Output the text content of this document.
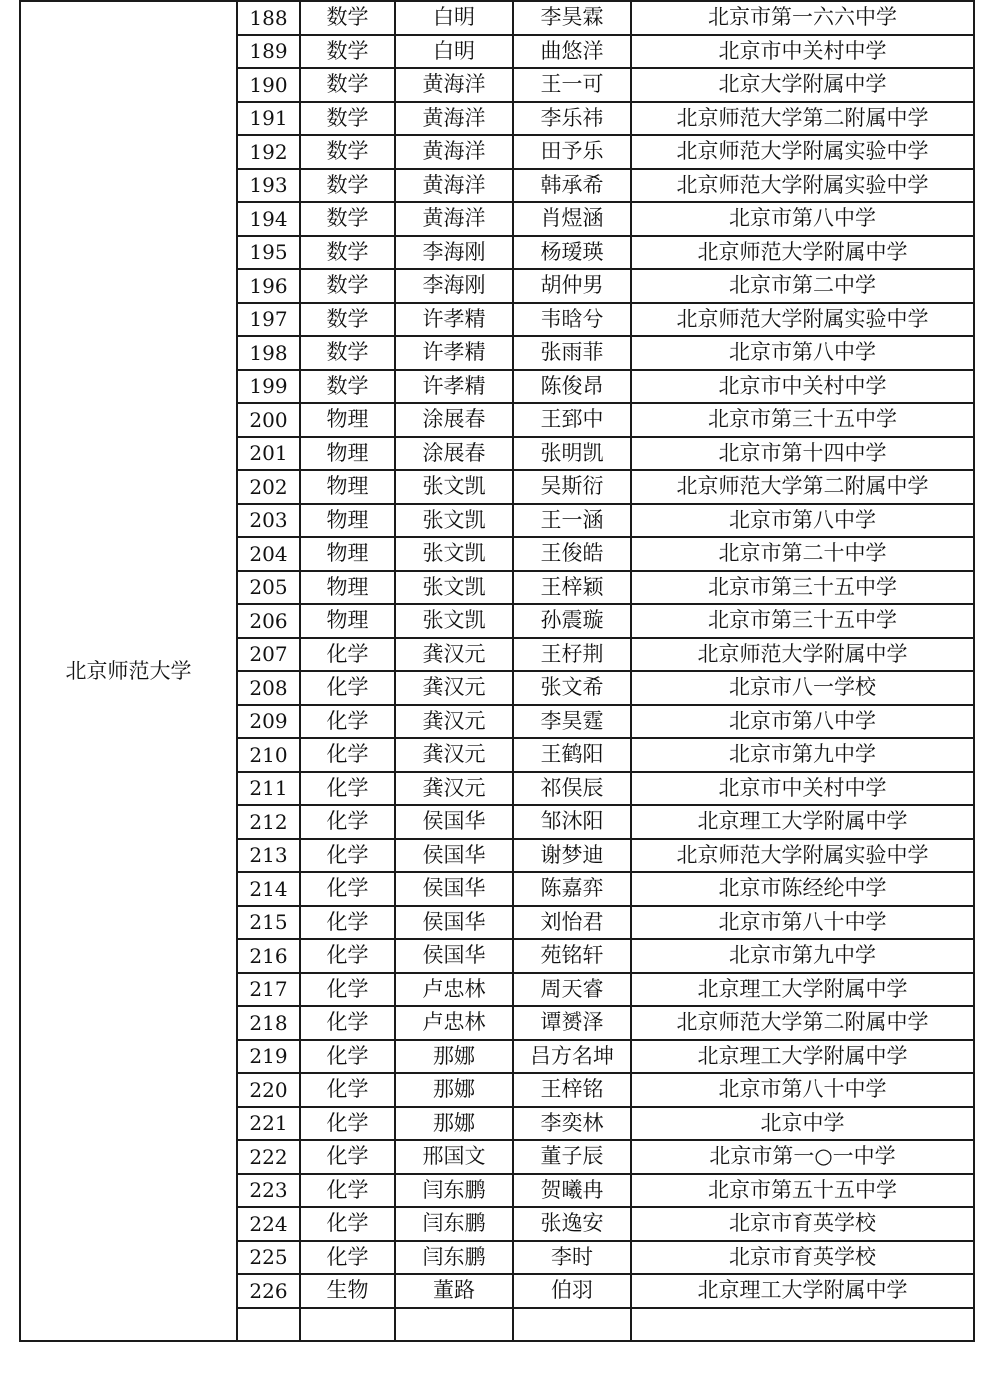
北京师范大学	188	数学	白明	李昊霖	北京市第一六六中学
	189	数学	白明	曲悠洋	北京市中关村中学
	190	数学	黄海洋	王一可	北京大学附属中学
	191	数学	黄海洋	李乐祎	北京师范大学第二附属中学
	192	数学	黄海洋	田予乐	北京师范大学附属实验中学
	193	数学	黄海洋	韩承希	北京师范大学附属实验中学
	194	数学	黄海洋	肖煜涵	北京市第八中学
	195	数学	李海刚	杨瑷瑛	北京师范大学附属中学
	196	数学	李海刚	胡仲男	北京市第二中学
	197	数学	许孝精	韦晗兮	北京师范大学附属实验中学
	198	数学	许孝精	张雨菲	北京市第八中学
	199	数学	许孝精	陈俊昂	北京市中关村中学
	200	物理	涂展春	王郅中	北京市第三十五中学
	201	物理	涂展春	张明凯	北京市第十四中学
	202	物理	张文凯	吴斯衍	北京师范大学第二附属中学
	203	物理	张文凯	王一涵	北京市第八中学
	204	物理	张文凯	王俊皓	北京市第二十中学
	205	物理	张文凯	王梓颖	北京市第三十五中学
	206	物理	张文凯	孙震璇	北京市第三十五中学
	207	化学	龚汉元	王杍荆	北京师范大学附属中学
	208	化学	龚汉元	张文希	北京市八一学校
	209	化学	龚汉元	李昊霆	北京市第八中学
	210	化学	龚汉元	王鹤阳	北京市第九中学
	211	化学	龚汉元	祁俣辰	北京市中关村中学
	212	化学	侯国华	邹沐阳	北京理工大学附属中学
	213	化学	侯国华	谢梦迪	北京师范大学附属实验中学
	214	化学	侯国华	陈嘉弈	北京市陈经纶中学
	215	化学	侯国华	刘怡君	北京市第八十中学
	216	化学	侯国华	苑铭轩	北京市第九中学
	217	化学	卢忠林	周天睿	北京理工大学附属中学
	218	化学	卢忠林	谭赟泽	北京师范大学第二附属中学
	219	化学	那娜	吕方名坤	北京理工大学附属中学
	220	化学	那娜	王梓铭	北京市第八十中学
	221	化学	那娜	李奕林	北京中学
	222	化学	邢国文	董子辰	北京市第一○一中学
	223	化学	闫东鹏	贺曦冉	北京市第五十五中学
	224	化学	闫东鹏	张逸安	北京市育英学校
	225	化学	闫东鹏	李时	北京市育英学校
	226	生物	董路	伯羽	北京理工大学附属中学
